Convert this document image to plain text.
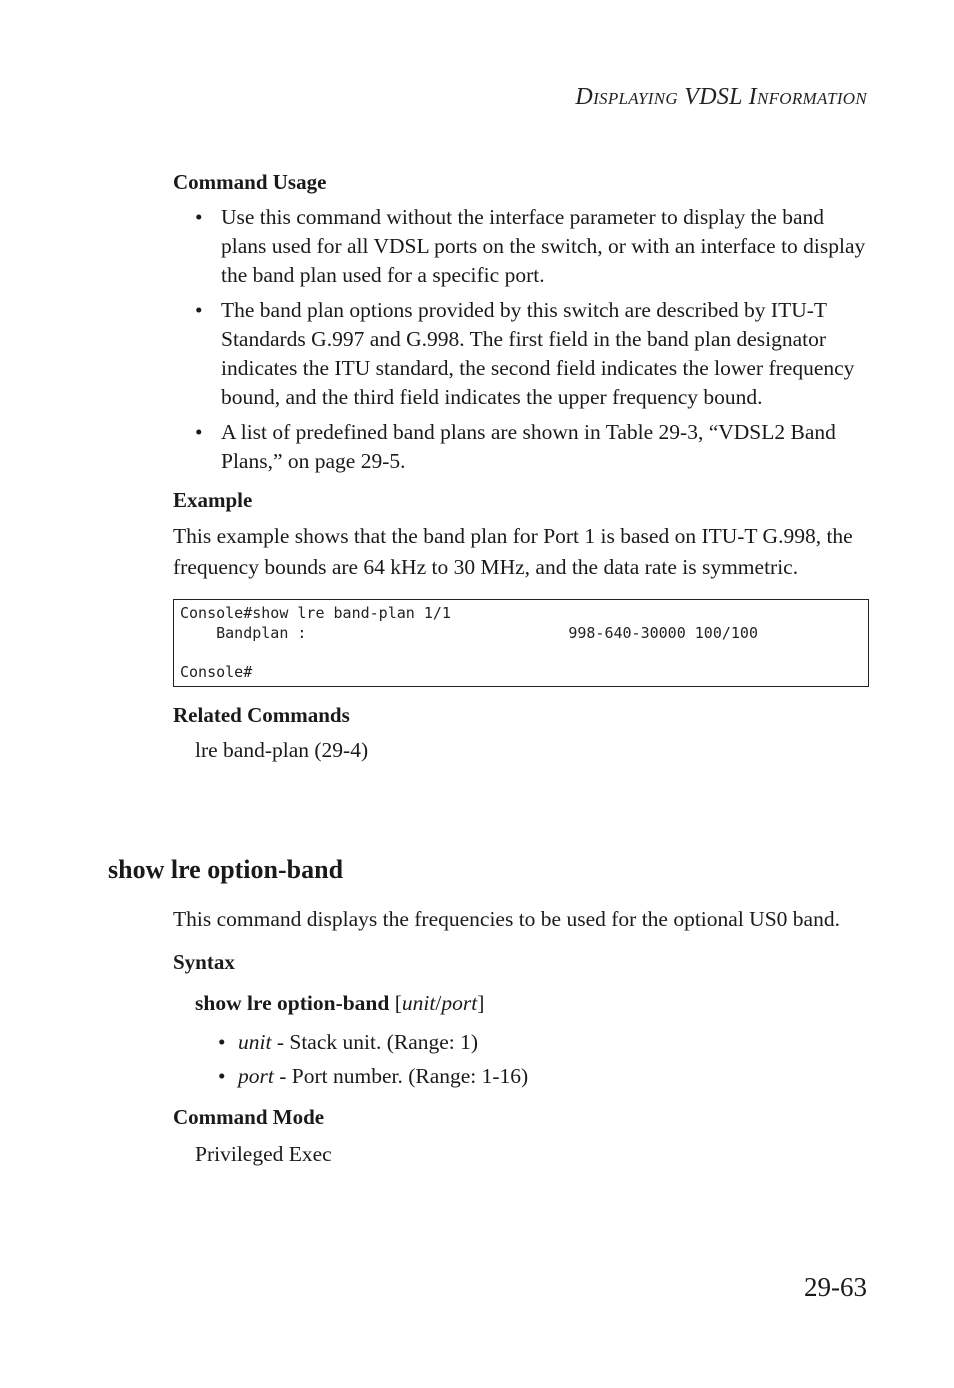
DISPLAYING VDSL INFORMATION
Command Usage
• Use this command without the interface parameter to display the band plans used for all VDSL ports on the switch, or with an interface to display the band plan used for a specific port.
• The band plan options provided by this switch are described by ITU-T Standards G.997 and G.998. The first field in the band plan designator indicates the ITU standard, the second field indicates the lower frequency bound, and the third field indicates the upper frequency bound.
• A list of predefined band plans are shown in Table 29-3, “VDSL2 Band Plans,” on page 29-5.
Example

This example shows that the band plan for Port 1 is based on ITU-T G.998, the frequency bounds are 64 kHz to 30 MHz, and the data rate is symmetric.

Console#show lre band-plan 1/1
Bandplan :                             998-640-30000 100/100
Console#
Related Commands
lre band-plan (29-4)
show lre option-band

This command displays the frequencies to be used for the optional US0 band.

Syntax
show lre option-band [unit/port]
• unit - Stack unit. (Range: 1)
• port - Port number. (Range: 1-16)
Command Mode
Privileged Exec
29-63
